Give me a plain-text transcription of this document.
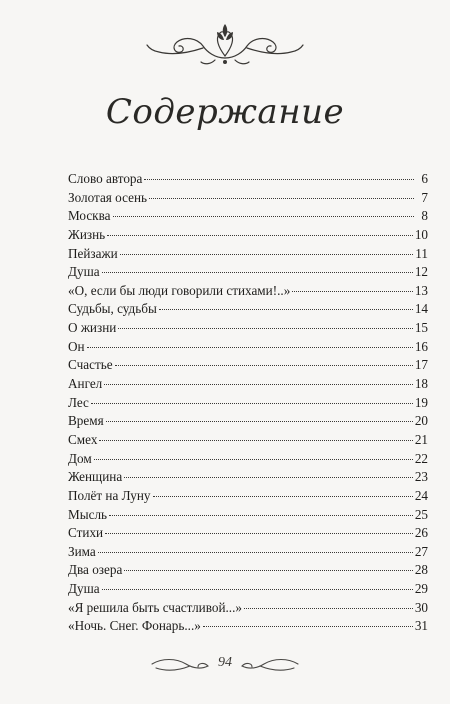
Содержание
Слово автора	6
Золотая осень	7
Москва	8
Жизнь	10
Пейзажи	11
Душа	12
«О, если бы люди говорили стихами!..»	13
Судьбы, судьбы	14
О жизни	15
Он	16
Счастье	17
Ангел	18
Лес	19
Время	20
Смех	21
Дом	22
Женщина	23
Полёт на Луну	24
Мысль	25
Стихи	26
Зима	27
Два озера	28
Душа	29
«Я решила быть счастливой...»	30
«Ночь. Снег. Фонарь...»	31
94
